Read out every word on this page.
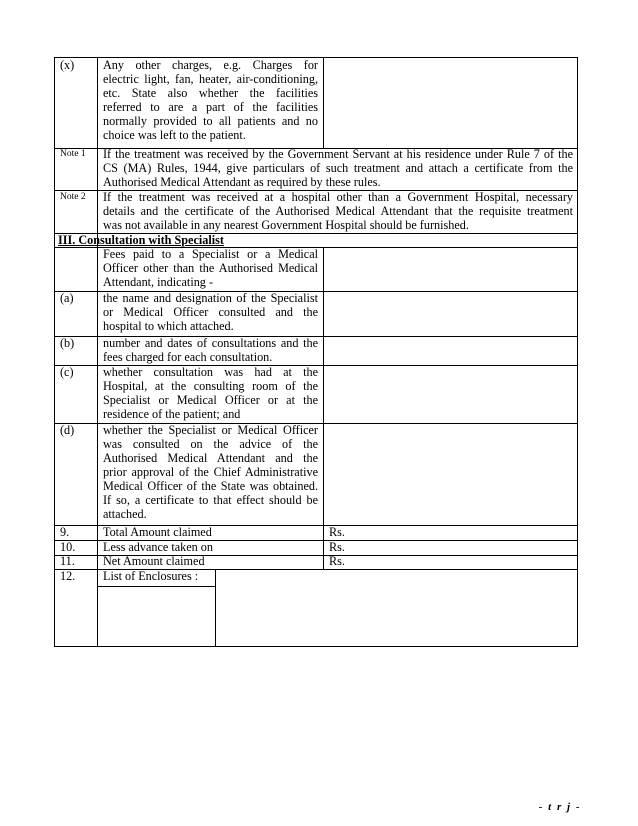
(x) Any other charges, e.g. Charges for
electric light, fan, heater, air-conditioning,
etc. State also whether the facilities
referred to are a part of the facilities
normally provided to all patients and no
choice was left to the patient.
Note 1 If the treatment was received by the Government Servant at his residence under Rule 7 of the
CS (MA) Rules, 1944, give particulars of such treatment and attach a certificate from the
Authorised Medical Attendant as required by these rules.
Note 2 If the treatment was received at a hospital other than a Government Hospital, necessary
details and the certificate of the Authorised Medical Attendant that the requisite treatment
was not available in any nearest Government Hospital should be furnished.
III. Consultation with Specialist
Fees paid to a Specialist or a Medical
Officer other than the Authorised Medical
Attendant, indicating -
(a) the name and designation of the Specialist
or Medical Officer consulted and the
hospital to which attached.
(b) number and dates of consultations and the
fees charged for each consultation.
(c) whether consultation was had at the
Hospital, at the consulting room of the
Specialist or Medical Officer or at the
residence of the patient; and
(d) whether the Specialist or Medical Officer
was consulted on the advice of the
Authorised Medical Attendant and the
prior approval of the Chief Administrative
Medical Officer of the State was obtained.
If so, a certificate to that effect should be
attached.
9.	Total Amount claimed	Rs.
10. Less advance taken on	Rs.
11. Net Amount claimed	Rs.
12. List of Enclosures :
- t r j -
